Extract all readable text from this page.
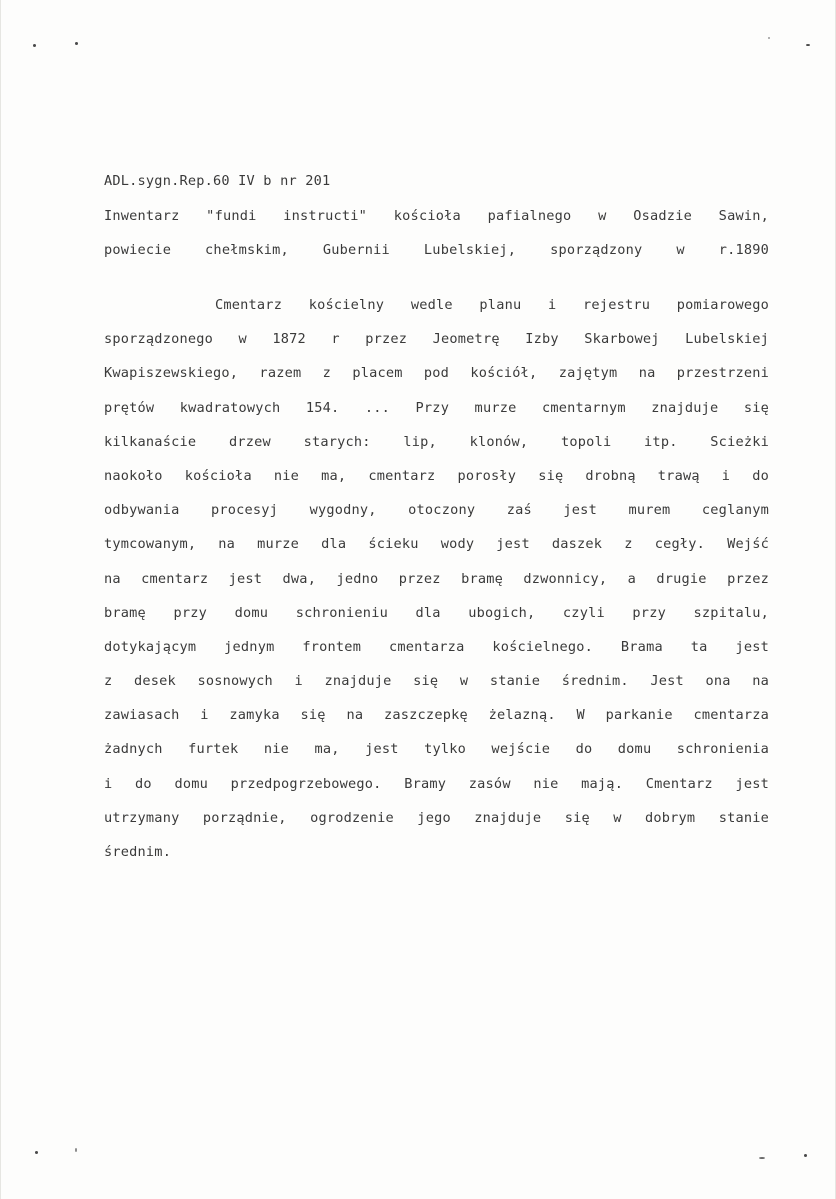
ADL.sygn.Rep.60 IV b nr 201
Inwentarz "fundi instructi" kościoła pafialnego w Osadzie Sawin,
powiecie chełmskim, Gubernii Lubelskiej, sporządzony w r.1890
Cmentarz kościelny wedle planu i rejestru pomiarowego
sporządzonego w 1872 r przez Jeometrę Izby Skarbowej Lubelskiej
Kwapiszewskiego, razem z placem pod kościół, zajętym na przestrzeni
prętów kwadratowych 154. ... Przy murze cmentarnym znajduje się
kilkanaście drzew starych: lip, klonów, topoli itp. Scieżki
naokoło kościoła nie ma, cmentarz porosły się drobną trawą i do
odbywania procesyj wygodny, otoczony zaś jest murem ceglanym
tymcowanym, na murze dla ścieku wody jest daszek z cegły. Wejść
na cmentarz jest dwa, jedno przez bramę dzwonnicy, a drugie przez
bramę przy domu schronieniu dla ubogich, czyli przy szpitalu,
dotykającym jednym frontem cmentarza kościelnego. Brama ta jest
z desek sosnowych i znajduje się w stanie średnim. Jest ona na
zawiasach i zamyka się na zaszczepkę żelazną. W parkanie cmentarza
żadnych furtek nie ma, jest tylko wejście do domu schronienia
i do domu przedpogrzebowego. Bramy zasów nie mają. Cmentarz jest
utrzymany porządnie, ogrodzenie jego znajduje się w dobrym stanie
średnim.
